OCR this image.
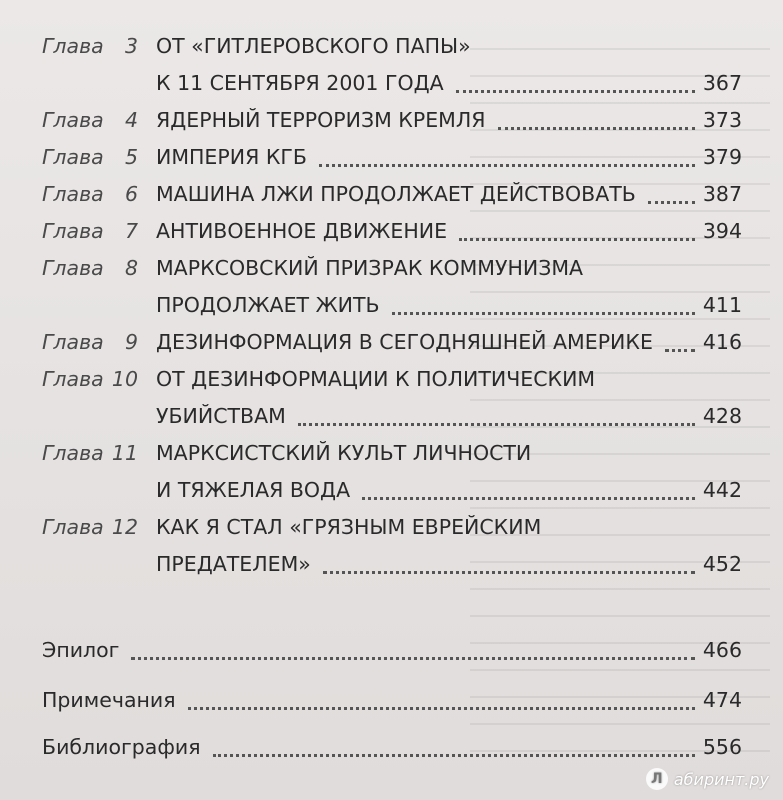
Глава	3 ОТ «ГИТЛЕРОВСКОГО ПАПЫ»
К 11 СЕНТЯБРЯ 2001 ГОДА	367
Глава	4 ЯДЕРНЫЙ ТЕРРОРИЗМ КРЕМЛЯ	373
Глава	5 ИМПЕРИЯ КГБ	379
Глава	6 МАШИНА ЛЖИ ПРОДОЛЖАЕТ ДЕЙСТВОВАТЬ	387
Глава	7 АНТИВОЕННОЕ ДВИЖЕНИЕ	394
Глава	8 МАРКСОВСКИЙ ПРИЗРАК КОММУНИЗМА
ПРОДОЛЖАЕТ ЖИТЬ	411
Глава	9 ДЕЗИНФОРМАЦИЯ В СЕГОДНЯШНЕЙ АМЕРИКЕ 416
Глава 10 ОТ ДЕЗИНФОРМАЦИИ К ПОЛИТИЧЕСКИМ
УБИЙСТВАМ	428
Глава 11 МАРКСИСТСКИЙ КУЛЬТ ЛИЧНОСТИ
И ТЯЖЕЛАЯ ВОДА	442
Глава 12 КАК Я СТАЛ «ГРЯЗНЫМ ЕВРЕЙСКИМ
ПРЕДАТЕЛЕМ»	452
Эпилог	466
Примечания	474
Библиография	556
Л абиринт.ру
